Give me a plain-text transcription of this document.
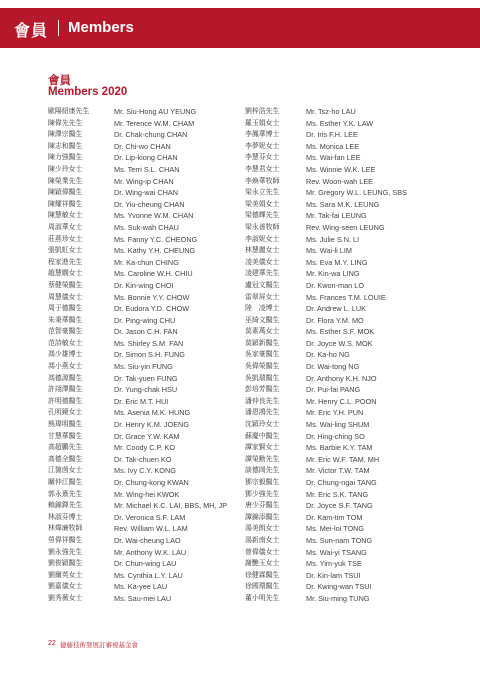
會員 Members
會員
Members 2020
歐陽紹康先生	Mr. Siu-Hong AU YEUNG
陳偉先先生	Mr. Terence W.M. CHAM
陳澤宗醫生	Dr. Chak-chung CHAN
陳志和醫生	Dr. Chi-wo CHAN
陳力強醫生	Dr. Lip-kiong CHAN
陳少玲女士	Ms. Terri S.L. CHAN
陳榮業先生	Mr. Wing-ip CHAN
陳穎偉醫生	Dr. Wing-wai CHAN
陳耀祥醫生	Dr. Yiu-cheung CHAN
陳慧敏女士	Ms. Yvonne W.M. CHAN
周淑華女士	Ms. Suk-wah CHAU
莊燕珍女士	Ms. Fanny Y.C. CHEONG
張凱虹女士	Ms. Kathy Y.H. CHEUNG
程家進先生	Mr. Ka-chun CHING
趙慧嫻女士	Ms. Caroline W.H. CHIU
蔡健榮醫生	Dr. Kin-wing CHOI
周慧儀女士	Ms. Bonnie Y.Y. CHOW
周于德醫生	Dr. Eudora Y.D. CHOW
朱秉華醫生	Dr. Ping-wing CHU
范智豪醫生	Dr. Jason C.H. FAN
范詩敏女士	Ms. Shirley S.M. FAN
馮少雄博士	Dr. Simon S.H. FUNG
馮小燕女士	Ms. Siu-yin FUNG
馮德源醫生	Dr. Tak-yuen FUNG
許翊澤醫生	Dr. Yung-chak HSU
許明德醫生	Dr. Eric M.T. HUI
孔明鏡女士	Ms. Asenia M.K. HUNG
熊瑋明醫生	Dr. Henry K.M. JOENG
甘慧華醫生	Dr. Grace Y.W. KAM
高超鵬先生	Mr. Coody C.P. KO
高德全醫生	Dr. Tak-chuen KO
江箇茵女士	Ms. Ivy C.Y. KONG
關仲江醫生	Dr. Chung-kong KWAN
郭永熹先生	Mr. Wing-hei KWOK
賴錦鐸先生	Mr. Michael K.C. LAI, BBS, MH, JP
林淑芬博士	Dr. Veronica S.F. LAM
林煒廉牧師	Rev. William W.L. LAM
勞偉祥醫生	Dr. Wai-cheung LAO
劉永強先生	Mr. Anthony W.K. LAU
劉俊穎醫生	Dr. Chun-wing LAU
劉爾英女士	Ms. Cynthia L.Y. LAU
劉嘉儀女士	Ms. Ka-yee LAU
劉秀薇女士	Ms. Sau-mei LAU
劉梓浩先生	Mr. Tsz-ho LAU
羅玉娟女士	Ms. Esther Y.K. LAW
李鳳華博士	Dr. Iris F.H. LEE
李夢妮女士	Ms. Monica LEE
李慧芬女士	Ms. Wai-fan LEE
李慧君女士	Ms. Winnie W.K. LEE
李煥華牧師	Rev. Woon-wah LEE
梁永立先生	Mr. Gregory W.L. LEUNG, SBS
梁美娟女士	Ms. Sara M.K. LEUNG
梁德輝先生	Mr. Tak-fai LEUNG
梁永善牧師	Rev. Wing-seen LEUNG
李淑妮女士	Ms. Julie S.N. LI
林慧麗女士	Ms. Wai-li LIM
凌美儀女士	Ms. Eva M.Y. LING
凌建華先生	Mr. Kin-wa LING
盧冠文醫生	Dr. Kwon-man LO
雷翠屏女士	Ms. Frances T.M. LOUIE
陸　凌博士	Dr. Andrew L. LUK
巫綺文醫生	Dr. Flora Y.M. MO
莫素萬女士	Ms. Esther S.F. MOK
莫穎新醫生	Dr. Joyce W.S. MOK
吳家豪醫生	Dr. Ka-ho NG
吳偉榮醫生	Dr. Wai-tong NG
吳凱瑞醫生	Dr. Anthony K.H. NJO
彭培芳醫生	Dr. Pui-fai PANG
潘仲良先生	Mr. Henry C.L. POON
潘恩鴻先生	Mr. Eric Y.H. PUN
沈穎玲女士	Ms. Wai-ling SHUM
蘇慶中醫生	Dr. Hing-ching SO
譚家賢女士	Ms. Barbie K.Y. TAM
譚榮勳先生	Mr. Eric W.F. TAM, MH
談德岡先生	Mr. Victor T.W. TAM
鄧宗毅醫生	Dr. Chung-ngai TANG
鄧少強先生	Mr. Eric S.K. TANG
唐少芬醫生	Dr. Joyce S.F. TANG
譚錦添醫生	Dr. Kam-tim TOM
湯美朗女士	Ms. Mei-loi TONG
湯新南女士	Ms. Sun-nam TONG
曾偉儀女士	Ms. Wai-yi TSANG
謝艷玉女士	Ms. Yim-yuk TSE
徐健霖醫生	Dr. Kin-lam TSUI
徐國環醫生	Dr. Kwing-wan TSUI
董小明先生	Mr. Siu-ming TUNG
22 捷藤技術發展訂審視基金會
